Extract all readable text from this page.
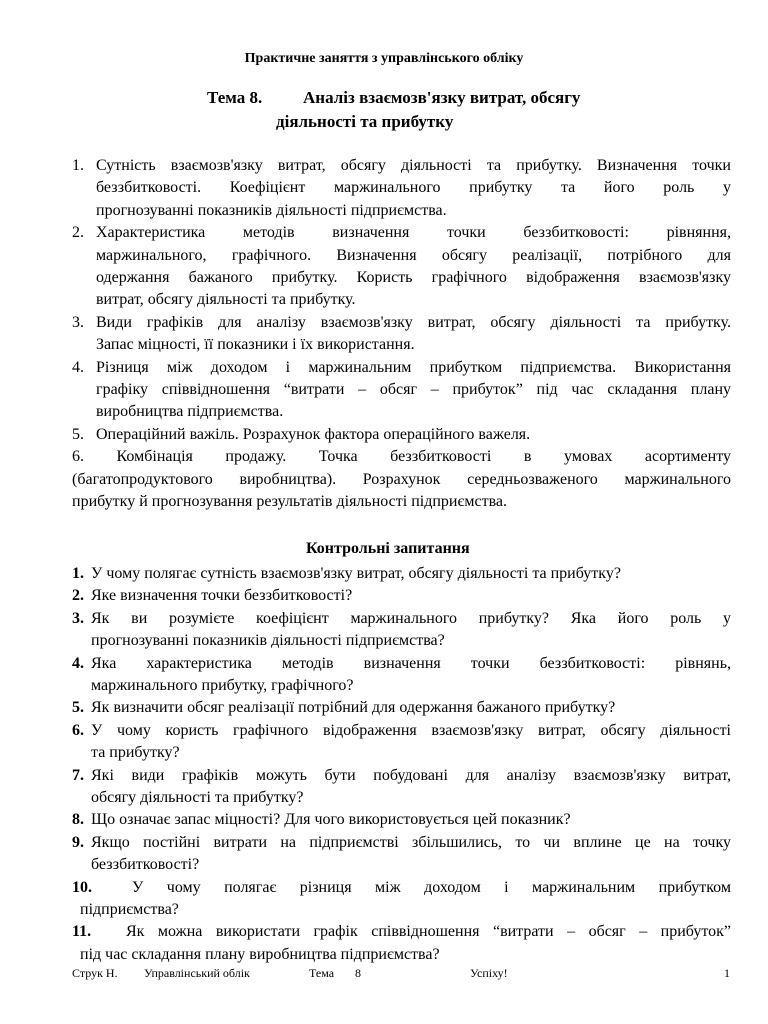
Практичне заняття з управлінського обліку
Тема 8. Аналіз взаємозв'язку витрат, обсягу
діяльності та прибутку
1. Сутність взаємозв'язку витрат, обсягу діяльності та прибутку. Визначення точки
беззбитковості. Коефіцієнт маржинального прибутку та його роль у
прогнозуванні показників діяльності підприємства.
2. Характеристика методів визначення точки беззбитковості: рівняння,
маржинального, графічного. Визначення обсягу реалізації, потрібного для
одержання бажаного прибутку. Користь графічного відображення взаємозв'язку
витрат, обсягу діяльності та прибутку.
3. Види графіків для аналізу взаємозв'язку витрат, обсягу діяльності та прибутку.
Запас міцності, її показники і їх використання.
4. Різниця між доходом і маржинальним прибутком підприємства. Використання
графіку співвідношення “витрати – обсяг – прибуток” під час складання плану
виробництва підприємства.
5. Операційний важіль. Розрахунок фактора операційного важеля.
6. Комбінація продажу. Точка беззбитковості в умовах асортименту
(багатопродуктового виробництва). Розрахунок середньозваженого маржинального
прибутку й прогнозування результатів діяльності підприємства.
Контрольні запитання
1. У чому полягає сутність взаємозв'язку витрат, обсягу діяльності та прибутку?
2. Яке визначення точки беззбитковості?
3. Як ви розумієте коефіцієнт маржинального прибутку? Яка його роль у
прогнозуванні показників діяльності підприємства?
4. Яка характеристика методів визначення точки беззбитковості: рівнянь,
маржинального прибутку, графічного?
5. Як визначити обсяг реалізації потрібний для одержання бажаного прибутку?
6. У чому користь графічного відображення взаємозв'язку витрат, обсягу діяльності
та прибутку?
7. Які види графіків можуть бути побудовані для аналізу взаємозв'язку витрат,
обсягу діяльності та прибутку?
8. Що означає запас міцності? Для чого використовується цей показник?
9. Якщо постійні витрати на підприємстві збільшились, то чи вплине це на точку
беззбитковості?
10.	У чому полягає різниця між доходом і маржинальним прибутком
підприємства?
11. Як можна використати графік співвідношення “витрати – обсяг – прибуток”
під час складання плану виробництва підприємства?
Струк Н. Управлінський облік	Тема 8	Успіху!	1
